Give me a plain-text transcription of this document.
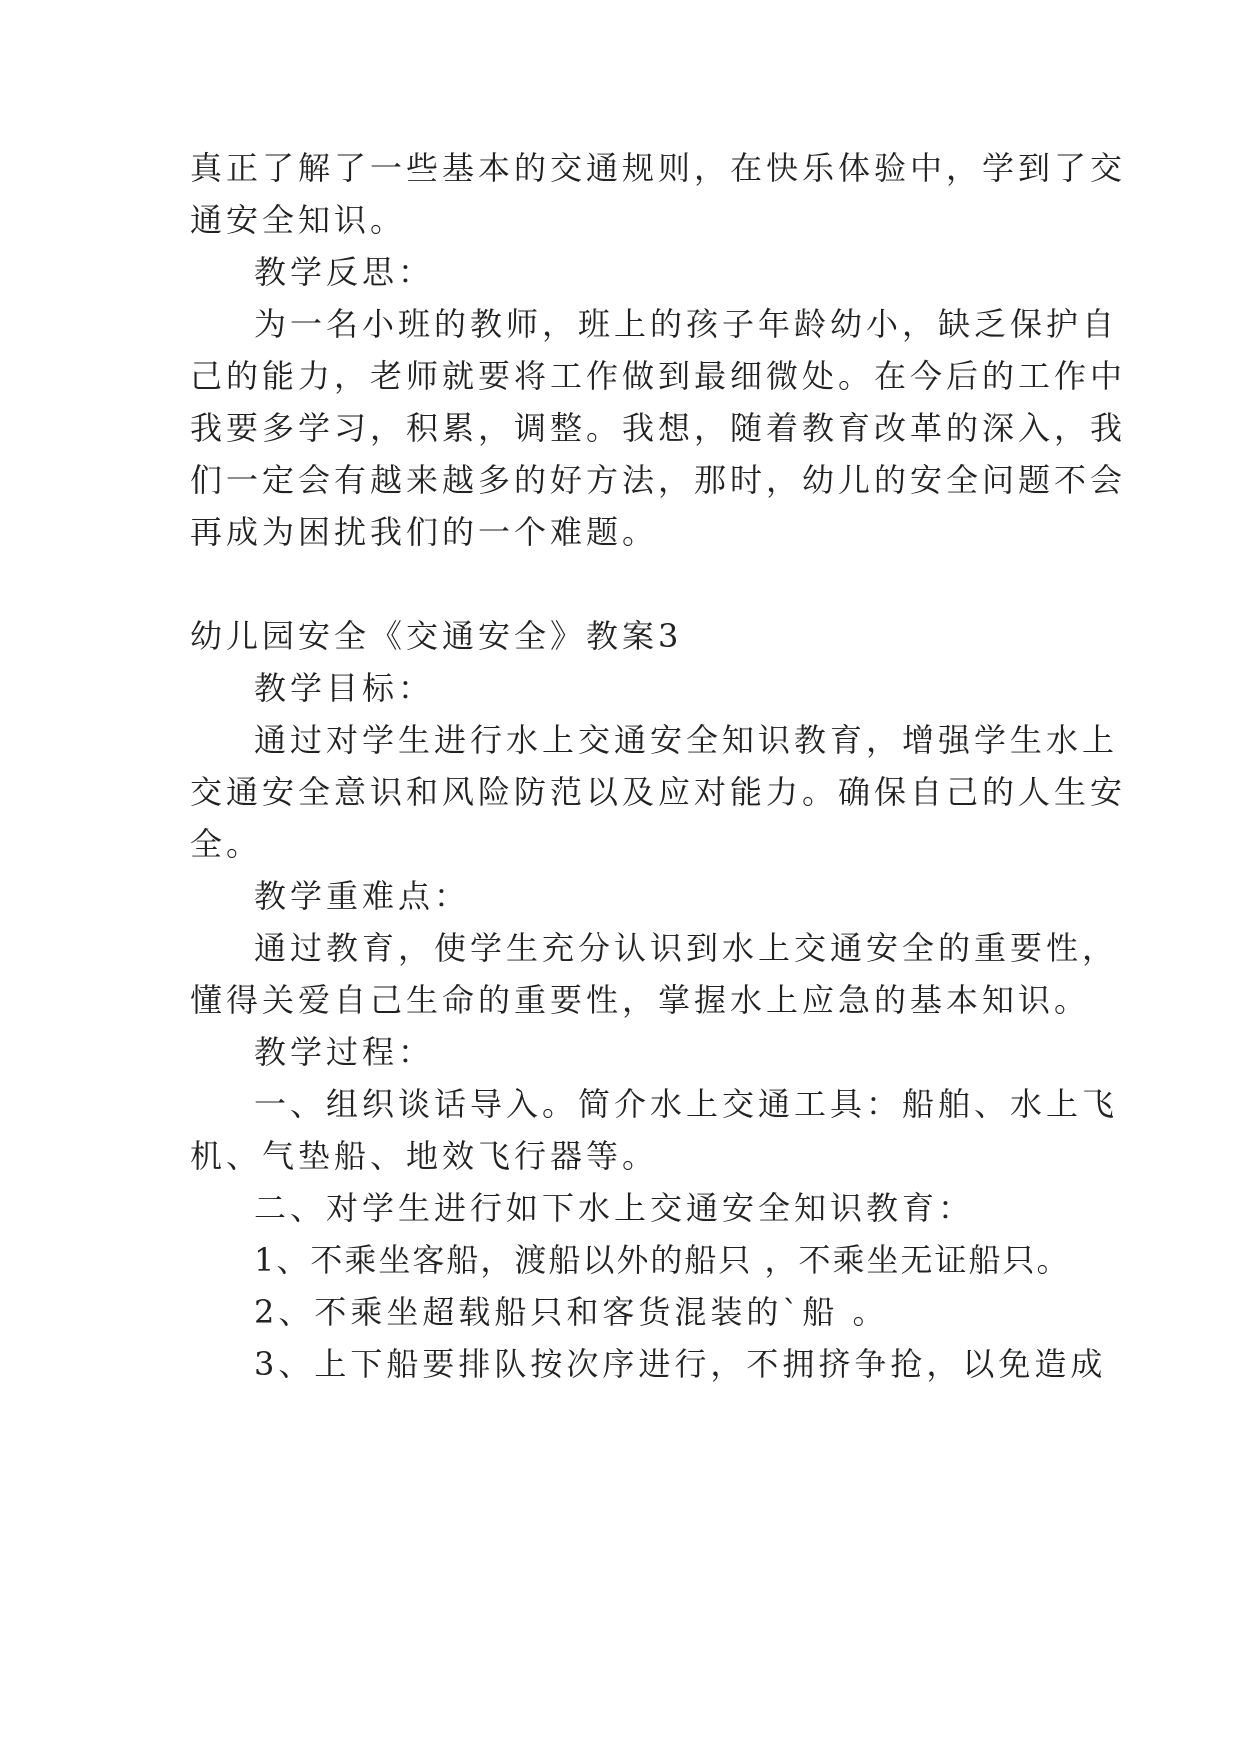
真正了解了一些基本的交通规则，在快乐体验中，学到了交
通安全知识。
教学反思：
为一名小班的教师，班上的孩子年龄幼小，缺乏保护自
己的能力，老师就要将工作做到最细微处。在今后的工作中
我要多学习，积累，调整。我想，随着教育改革的深入，我
们一定会有越来越多的好方法，那时，幼儿的安全问题不会
再成为困扰我们的一个难题。
幼儿园安全《交通安全》教案3
教学目标：
通过对学生进行水上交通安全知识教育，增强学生水上
交通安全意识和风险防范以及应对能力。确保自己的人生安
全。
教学重难点：
通过教育，使学生充分认识到水上交通安全的重要性，
懂得关爱自己生命的重要性，掌握水上应急的基本知识。
教学过程：
一、组织谈话导入。简介水上交通工具：船舶、水上飞
机、气垫船、地效飞行器等。
二、对学生进行如下水上交通安全知识教育：
1、不乘坐客船，渡船以外的船只 ，不乘坐无证船只。
2、不乘坐超载船只和客货混装的`船 。
3、上下船要排队按次序进行，不拥挤争抢，以免造成
